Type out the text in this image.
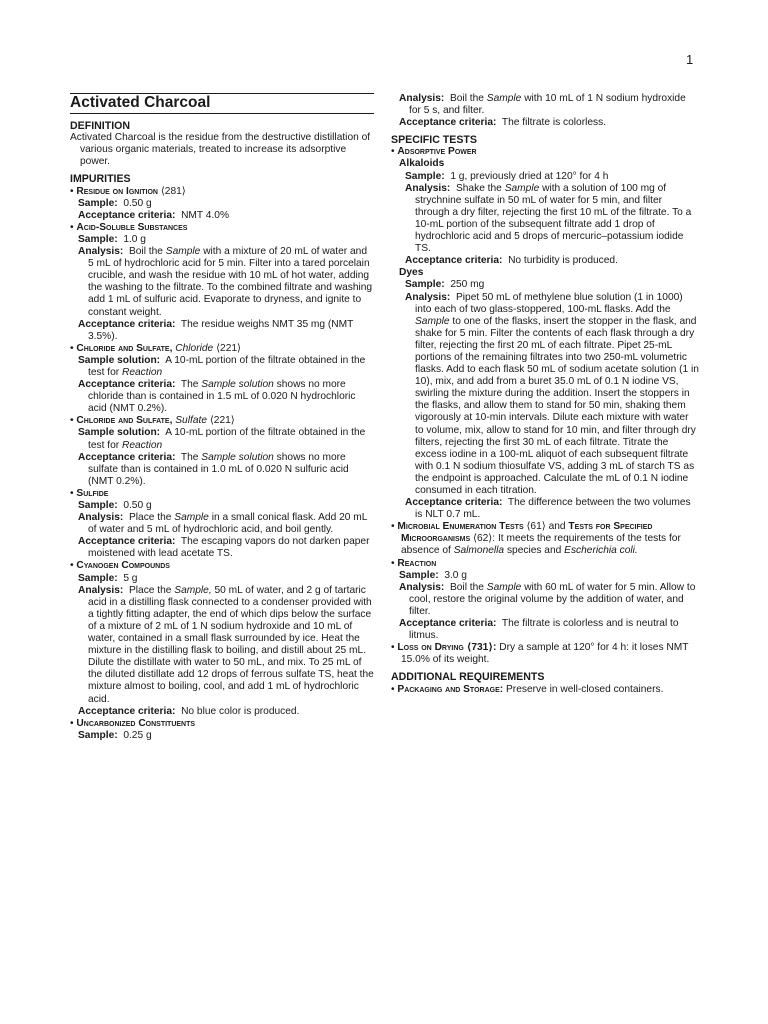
1
Activated Charcoal
DEFINITION
Activated Charcoal is the residue from the destructive distillation of various organic materials, treated to increase its adsorptive power.
IMPURITIES
• Residue on Ignition ⟨281⟩
Sample: 0.50 g
Acceptance criteria: NMT 4.0%
• Acid-Soluble Substances
Sample: 1.0 g
Analysis: Boil the Sample with a mixture of 20 mL of water and 5 mL of hydrochloric acid for 5 min. Filter into a tared porcelain crucible, and wash the residue with 10 mL of hot water, adding the washing to the filtrate. To the combined filtrate and washing add 1 mL of sulfuric acid. Evaporate to dryness, and ignite to constant weight.
Acceptance criteria: The residue weighs NMT 35 mg (NMT 3.5%).
• Chloride and Sulfate, Chloride ⟨221⟩
Sample solution: A 10-mL portion of the filtrate obtained in the test for Reaction
Acceptance criteria: The Sample solution shows no more chloride than is contained in 1.5 mL of 0.020 N hydrochloric acid (NMT 0.2%).
• Chloride and Sulfate, Sulfate ⟨221⟩
Sample solution: A 10-mL portion of the filtrate obtained in the test for Reaction
Acceptance criteria: The Sample solution shows no more sulfate than is contained in 1.0 mL of 0.020 N sulfuric acid (NMT 0.2%).
• Sulfide
Sample: 0.50 g
Analysis: Place the Sample in a small conical flask. Add 20 mL of water and 5 mL of hydrochloric acid, and boil gently.
Acceptance criteria: The escaping vapors do not darken paper moistened with lead acetate TS.
• Cyanogen Compounds
Sample: 5 g
Analysis: Place the Sample, 50 mL of water, and 2 g of tartaric acid in a distilling flask connected to a condenser provided with a tightly fitting adapter, the end of which dips below the surface of a mixture of 2 mL of 1 N sodium hydroxide and 10 mL of water, contained in a small flask surrounded by ice. Heat the mixture in the distilling flask to boiling, and distill about 25 mL. Dilute the distillate with water to 50 mL, and mix. To 25 mL of the diluted distillate add 12 drops of ferrous sulfate TS, heat the mixture almost to boiling, cool, and add 1 mL of hydrochloric acid.
Acceptance criteria: No blue color is produced.
• Uncarbonized Constituents
Sample: 0.25 g
Analysis: Boil the Sample with 10 mL of 1 N sodium hydroxide for 5 s, and filter.
Acceptance criteria: The filtrate is colorless.
SPECIFIC TESTS
• Adsorptive Power
Alkaloids
Sample: 1 g, previously dried at 120° for 4 h
Analysis: Shake the Sample with a solution of 100 mg of strychnine sulfate in 50 mL of water for 5 min, and filter through a dry filter, rejecting the first 10 mL of the filtrate. To a 10-mL portion of the subsequent filtrate add 1 drop of hydrochloric acid and 5 drops of mercuric–potassium iodide TS.
Acceptance criteria: No turbidity is produced.
Dyes
Sample: 250 mg
Analysis: Pipet 50 mL of methylene blue solution (1 in 1000) into each of two glass-stoppered, 100-mL flasks. Add the Sample to one of the flasks, insert the stopper in the flask, and shake for 5 min. Filter the contents of each flask through a dry filter, rejecting the first 20 mL of each filtrate. Pipet 25-mL portions of the remaining filtrates into two 250-mL volumetric flasks. Add to each flask 50 mL of sodium acetate solution (1 in 10), mix, and add from a buret 35.0 mL of 0.1 N iodine VS, swirling the mixture during the addition. Insert the stoppers in the flasks, and allow them to stand for 50 min, shaking them vigorously at 10-min intervals. Dilute each mixture with water to volume, mix, allow to stand for 10 min, and filter through dry filters, rejecting the first 30 mL of each filtrate. Titrate the excess iodine in a 100-mL aliquot of each subsequent filtrate with 0.1 N sodium thiosulfate VS, adding 3 mL of starch TS as the endpoint is approached. Calculate the mL of 0.1 N iodine consumed in each titration.
Acceptance criteria: The difference between the two volumes is NLT 0.7 mL.
• Microbial Enumeration Tests ⟨61⟩ and Tests for Specified Microorganisms ⟨62⟩: It meets the requirements of the tests for absence of Salmonella species and Escherichia coli.
• Reaction
Sample: 3.0 g
Analysis: Boil the Sample with 60 mL of water for 5 min. Allow to cool, restore the original volume by the addition of water, and filter.
Acceptance criteria: The filtrate is colorless and is neutral to litmus.
• Loss on Drying ⟨731⟩: Dry a sample at 120° for 4 h: it loses NMT 15.0% of its weight.
ADDITIONAL REQUIREMENTS
• Packaging and Storage: Preserve in well-closed containers.
